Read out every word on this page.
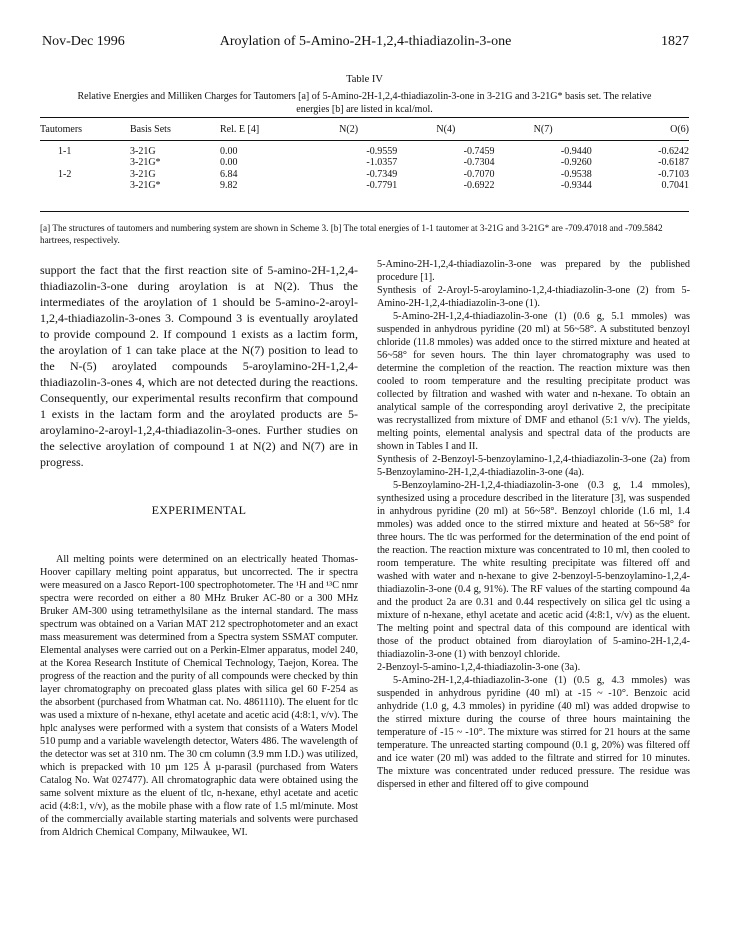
Nov-Dec 1996	Aroylation of 5-Amino-2H-1,2,4-thiadiazolin-3-one	1827
Table IV
Relative Energies and Milliken Charges for Tautomers [a] of 5-Amino-2H-1,2,4-thiadiazolin-3-one in 3-21G and 3-21G* basis set. The relative
energies [b] are listed in kcal/mol.
Tautomers	Basis Sets	Rel. E [4]	N(2)	N(4)	N(7)	O(6)

1-1	3-21G	0.00	-0.9559	-0.7459	-0.9440	-0.6242
	3-21G*	0.00	-1.0357	-0.7304	-0.9260	-0.6187
1-2	3-21G	6.84	-0.7349	-0.7070	-0.9538	-0.7103
	3-21G*	9.82	-0.7791	-0.6922	-0.9344	0.7041
[a] The structures of tautomers and numbering system are shown in Scheme 3. [b] The total energies of 1-1 tautomer at 3-21G and 3-21G* are -709.47018 and -709.5842 hartrees, respectively.

support the fact that the first reaction site of 5-amino-2H-1,2,4-thiadiazolin-3-one during aroylation is at N(2). Thus the intermediates of the aroylation of 1 should be 5-amino-2-aroyl-1,2,4-thiadiazolin-3-ones 3. Compound 3 is eventually aroylated to provide compound 2. If compound 1 exists as a lactim form, the aroylation of 1 can take place at the N(7) position to lead to the N-(5) aroylated compounds 5-aroylamino-2H-1,2,4-thiadiazolin-3-ones 4, which are not detected during the reactions. Consequently, our experimental results reconfirm that compound 1 exists in the lactam form and the aroylated products are 5-aroylamino-2-aroyl-1,2,4-thiadiazolin-3-ones. Further studies on the selective aroylation of compound 1 at N(2) and N(7) are in progress.

EXPERIMENTAL

All melting points were determined on an electrically heated Thomas-Hoover capillary melting point apparatus, but uncorrected. The ir spectra were measured on a Jasco Report-100 spectrophotometer. The ¹H and ¹³C nmr spectra were recorded on either a 80 MHz Bruker AC-80 or a 300 MHz Bruker AM-300 using tetramethylsilane as the internal standard. The mass spectrum was obtained on a Varian MAT 212 spectrophotometer and an exact mass measurement was determined from a Spectra system SSMAT computer. Elemental analyses were carried out on a Perkin-Elmer apparatus, model 240, at the Korea Research Institute of Chemical Technology, Taejon, Korea. The progress of the reaction and the purity of all compounds were checked by thin layer chromatography on precoated glass plates with silica gel 60 F-254 as the absorbent (purchased from Whatman cat. No. 4861110). The eluent for tlc was used a mixture of n-hexane, ethyl acetate and acetic acid (4:8:1, v/v). The hplc analyses were performed with a system that consists of a Waters Model 510 pump and a variable wavelength detector, Waters 486. The wavelength of the detector was set at 310 nm. The 30 cm column (3.9 mm I.D.) was utilized, which is prepacked with 10 µm 125 Å µ-parasil (purchased from Waters Catalog No. Wat 027477). All chromatographic data were obtained using the same solvent mixture as the eluent of tlc, n-hexane, ethyl acetate and acetic acid (4:8:1, v/v), as the mobile phase with a flow rate of 1.5 ml/minute. Most of the commercially available starting materials and solvents were purchased from Aldrich Chemical Company, Milwaukee, WI.

5-Amino-2H-1,2,4-thiadiazolin-3-one was prepared by the published procedure [1].

Synthesis of 2-Aroyl-5-aroylamino-1,2,4-thiadiazolin-3-one (2) from 5-Amino-2H-1,2,4-thiadiazolin-3-one (1).

5-Amino-2H-1,2,4-thiadiazolin-3-one (1) (0.6 g, 5.1 mmoles) was suspended in anhydrous pyridine (20 ml) at 56~58°. A substituted benzoyl chloride (11.8 mmoles) was added once to the stirred mixture and heated at 56~58° for seven hours. The thin layer chromatography was used to determine the completion of the reaction. The reaction mixture was then cooled to room temperature and the resulting precipitate product was collected by filtration and washed with water and n-hexane. To obtain an analytical sample of the corresponding aroyl derivative 2, the precipitate was recrystallized from mixture of DMF and ethanol (5:1 v/v). The yields, melting points, elemental analysis and spectral data of the products are shown in Tables I and II.

Synthesis of 2-Benzoyl-5-benzoylamino-1,2,4-thiadiazolin-3-one (2a) from 5-Benzoylamino-2H-1,2,4-thiadiazolin-3-one (4a).

5-Benzoylamino-2H-1,2,4-thiadiazolin-3-one (0.3 g, 1.4 mmoles), synthesized using a procedure described in the literature [3], was suspended in anhydrous pyridine (20 ml) at 56~58°. Benzoyl chloride (1.6 ml, 1.4 mmoles) was added once to the stirred mixture and heated at 56~58° for three hours. The tlc was performed for the determination of the end point of the reaction. The reaction mixture was concentrated to 10 ml, then cooled to room temperature. The white resulting precipitate was filtered off and washed with water and n-hexane to give 2-benzoyl-5-benzoylamino-1,2,4-thiadiazolin-3-one (0.4 g, 91%). The RF values of the starting compound 4a and the product 2a are 0.31 and 0.44 respectively on silica gel tlc using a mixture of n-hexane, ethyl acetate and acetic acid (4:8:1, v/v) as the eluent. The melting point and spectral data of this compound are identical with those of the product obtained from diaroylation of 5-amino-2H-1,2,4-thiadiazolin-3-one (1) with benzoyl chloride.

2-Benzoyl-5-amino-1,2,4-thiadiazolin-3-one (3a).

5-Amino-2H-1,2,4-thiadiazolin-3-one (1) (0.5 g, 4.3 mmoles) was suspended in anhydrous pyridine (40 ml) at -15 ~ -10°. Benzoic acid anhydride (1.0 g, 4.3 mmoles) in pyridine (40 ml) was added dropwise to the stirred mixture during the course of three hours maintaining the temperature of -15 ~ -10°. The mixture was stirred for 21 hours at the same temperature. The unreacted starting compound (0.1 g, 20%) was filtered off and ice water (20 ml) was added to the filtrate and stirred for 10 minutes. The mixture was concentrated under reduced pressure. The residue was dispersed in ether and filtered off to give compound
